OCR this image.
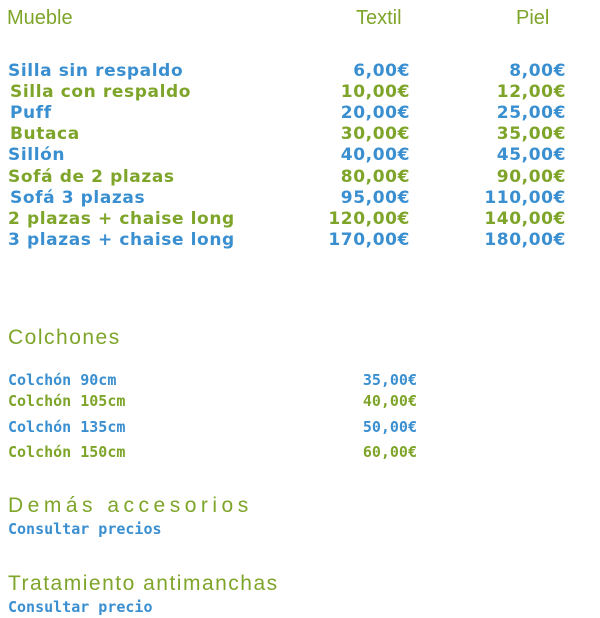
Mueble	Textil	Piel
Silla sin respaldo	6,00€	8,00€
Silla con respaldo	10,00€	12,00€
Puff	20,00€	25,00€
Butaca	30,00€	35,00€
Sillón	40,00€	45,00€
Sofá de 2 plazas	80,00€	90,00€
Sofá 3 plazas	95,00€	110,00€
2 plazas + chaise long	120,00€	140,00€
3 plazas + chaise long	170,00€	180,00€
Colchones
Colchón 90cm	35,00€
Colchón 105cm	40,00€
Colchón 135cm	50,00€
Colchón 150cm	60,00€
Demás accesorios
Consultar precios
Tratamiento antimanchas
Consultar precio
